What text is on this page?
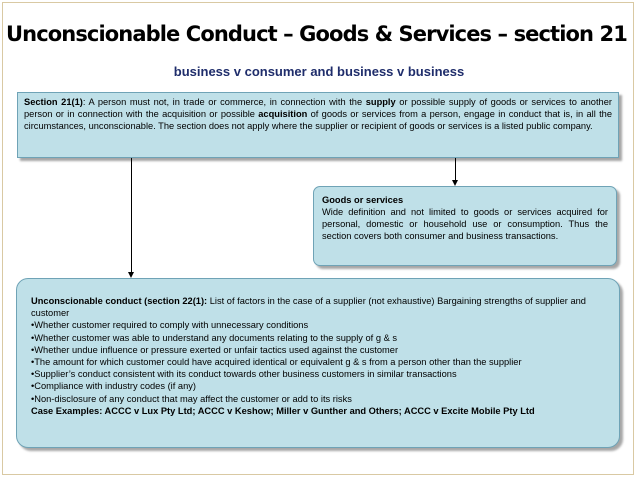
Unconscionable Conduct – Goods & Services – section 21
business v consumer and business v business
Section 21(1): A person must not, in trade or commerce, in connection with the supply or possible supply of goods or services to another person or in connection with the acquisition or possible acquisition of goods or services from a person, engage in conduct that is, in all the circumstances, unconscionable. The section does not apply where the supplier or recipient of goods or services is a listed public company.
Goods or services
Wide definition and not limited to goods or services acquired for personal, domestic or household use or consumption. Thus the section covers both consumer and business transactions.
Unconscionable conduct (section 22(1): List of factors in the case of a supplier (not exhaustive) Bargaining strengths of supplier and customer
•Whether customer required to comply with unnecessary conditions
•Whether customer was able to understand any documents relating to the supply of g & s
•Whether undue influence or pressure exerted or unfair tactics used against the customer
•The amount for which customer could have acquired identical or equivalent g & s from a person other than the supplier
•Supplier’s conduct consistent with its conduct towards other business customers in similar transactions
•Compliance with industry codes (if any)
•Non-disclosure of any conduct that may affect the customer or add to its risks
Case Examples: ACCC v Lux Pty Ltd; ACCC v Keshow; Miller v Gunther and Others; ACCC v Excite Mobile Pty Ltd
